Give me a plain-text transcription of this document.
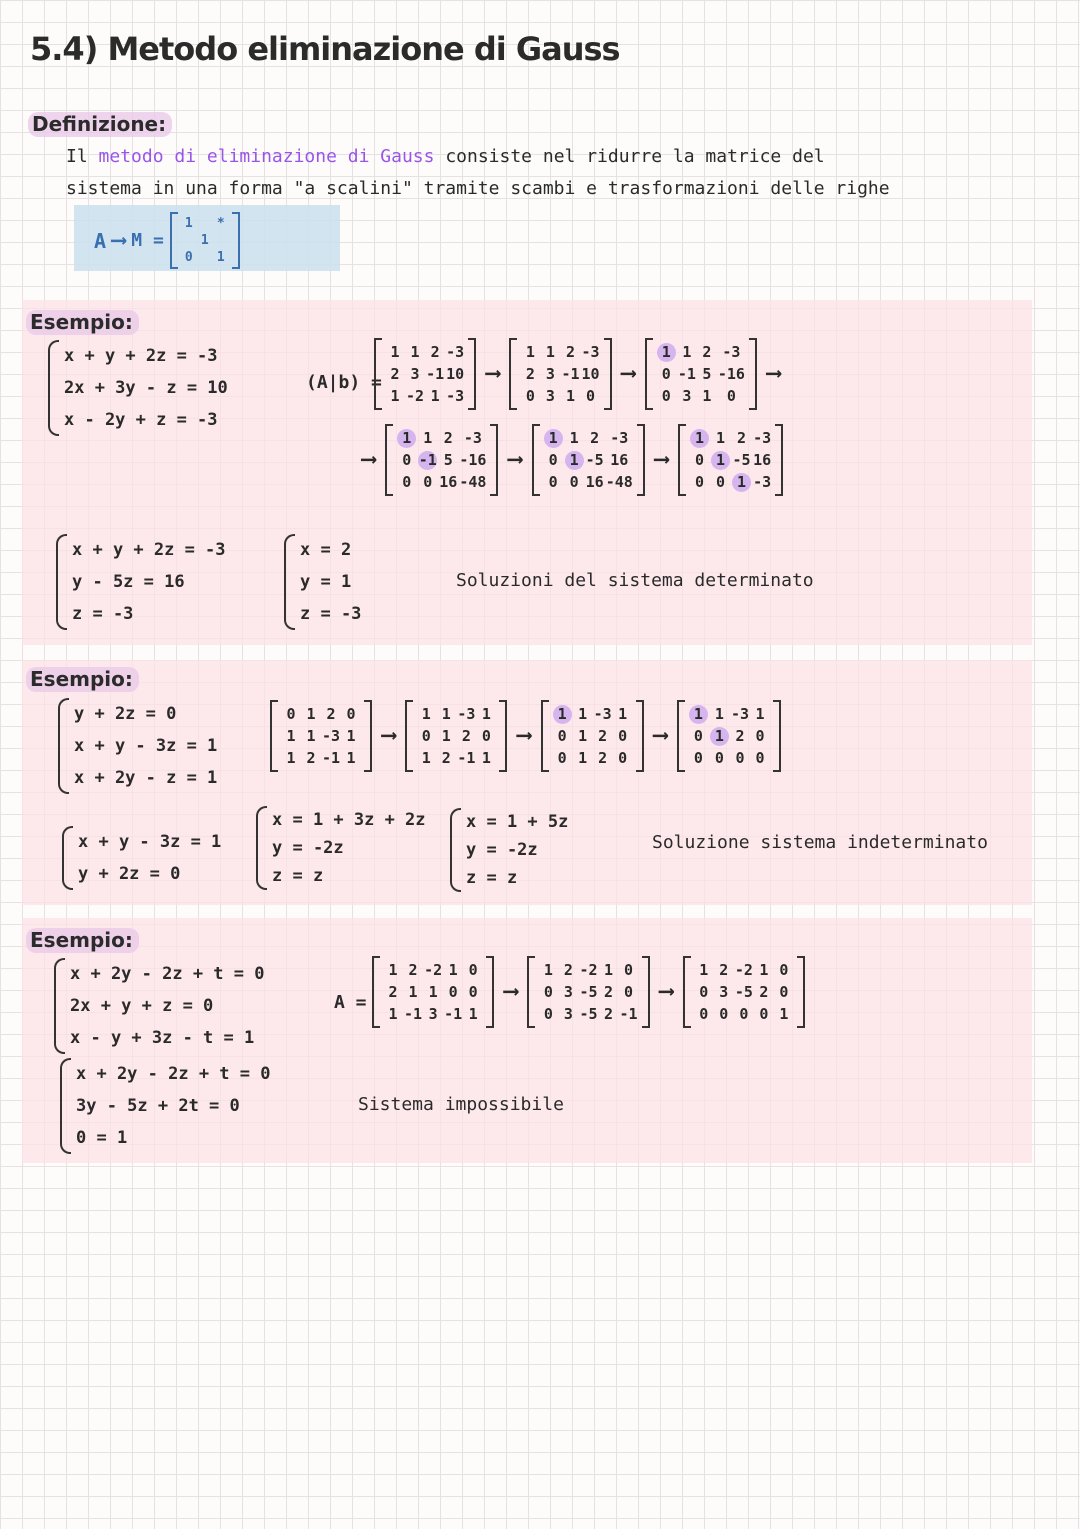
5.4) Metodo eliminazione di Gauss
Definizione:
Il metodo di eliminazione di Gauss consiste nel ridurre la matrice del
sistema in una forma "a scalini" tramite scambi e trasformazioni delle righe
A ⟶ M =
1 *
1
0 1
Esempio:
x + y + 2z = -3
2x + 3y - z = 10
x - 2y + z = -3
(A|b) =
1 1 2 -3
2 3 -1 10
1 -2 1 -3
⟶
1 1 2 -3
2 3 -1 10
0 3 1 0
⟶
1 1 2 -3
0 -1 5 -16
0 3 1 0
⟶
⟶
1 1 2 -3
0 -1 5 -16
0 0 16 -48
⟶
1 1 2 -3
0 1 -5 16
0 0 16 -48
⟶
1 1 2 -3
0 1 -5 16
0 0 1 -3
x + y + 2z = -3
y - 5z = 16
z = -3
x = 2
y = 1
z = -3
Soluzioni del sistema determinato
Esempio:
y + 2z = 0
x + y - 3z = 1
x + 2y - z = 1
0 1 2 0
1 1 -3 1
1 2 -1 1
⟶
1 1 -3 1
0 1 2 0
1 2 -1 1
⟶
1 1 -3 1
0 1 2 0
0 1 2 0
⟶
1 1 -3 1
0 1 2 0
0 0 0 0
x + y - 3z = 1
y + 2z = 0
x = 1 + 3z + 2z
y = -2z
z = z
x = 1 + 5z
y = -2z
z = z
Soluzione sistema indeterminato
Esempio:
x + 2y - 2z + t = 0
2x + y + z = 0
x - y + 3z - t = 1
A =
1 2 -2 1 0
2 1 1 0 0
1 -1 3 -1 1
⟶
1 2 -2 1 0
0 3 -5 2 0
0 3 -5 2 -1
⟶
1 2 -2 1 0
0 3 -5 2 0
0 0 0 0 1
x + 2y - 2z + t = 0
3y - 5z + 2t = 0
0 = 1
Sistema impossibile
